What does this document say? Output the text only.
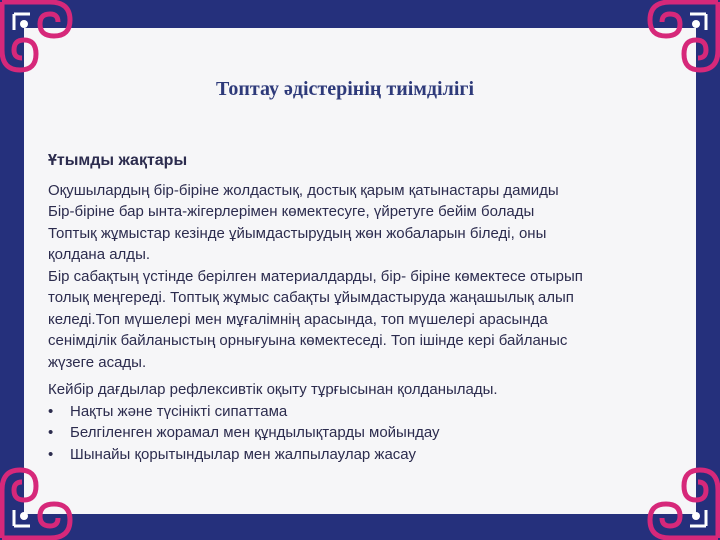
Топтау әдістерінің тиімділігі
Ұтымды жақтары

Оқушылардың бір-біріне жолдастық, достық қарым қатынастары дамиды

Бір-біріне бар ынта-жігерлерімен көмектесуге, үйретуге бейім болады

Топтық жұмыстар кезінде ұйымдастырудың жөн жобаларын біледі, оны

қолдана алды.

Бір сабақтың үстінде берілген материалдарды, бір- біріне көмектесе отырып

толық меңгереді. Топтық жұмыс сабақты ұйымдастыруда жаңашылық алып

келеді.Топ мүшелері мен мұғалімнің арасында, топ мүшелері арасында

сенімділік байланыстың орнығуына көмектеседі. Топ ішінде кері байланыс

жүзеге асады.

Кейбір дағдылар рефлексивтік оқыту тұрғысынан қолданылады.

•	Нақты және түсінікті сипаттама
•	Белгіленген жорамал мен құндылықтарды мойындау
•	Шынайы қорытындылар мен жалпылаулар жасау
